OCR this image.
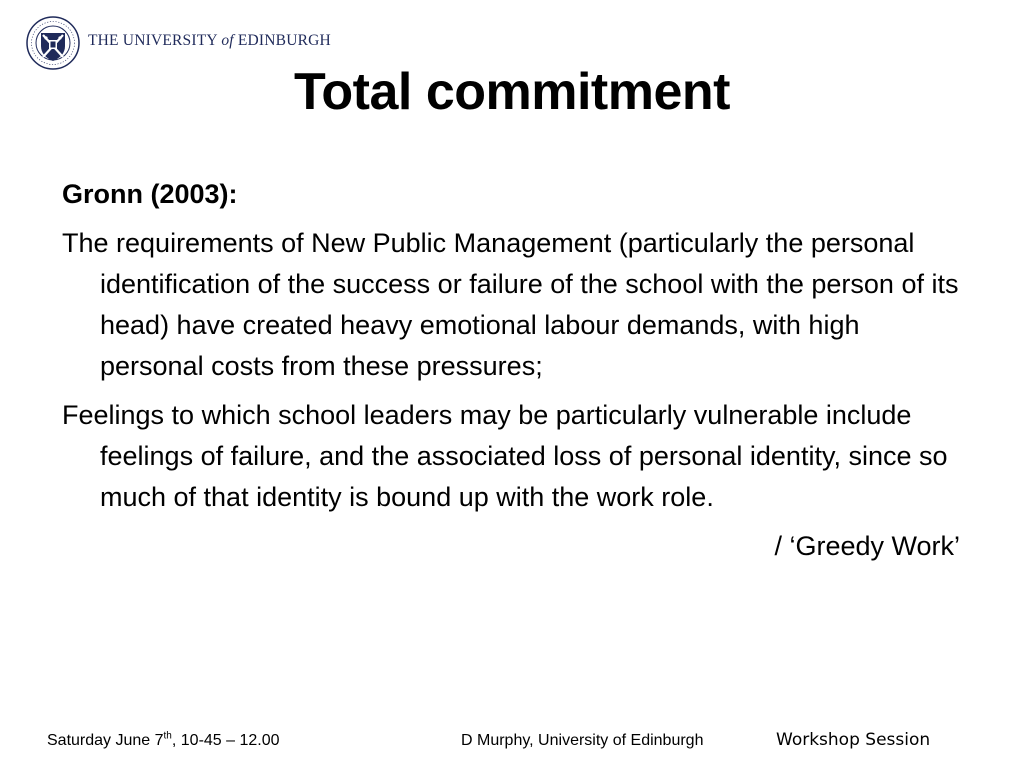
THE UNIVERSITY of EDINBURGH
Total commitment
Gronn (2003):
The requirements of New Public Management (particularly the personal identification of the success or failure of the school with the person of its head) have created heavy emotional labour demands, with high personal costs from these pressures;
Feelings to which school leaders may be particularly vulnerable include feelings of failure, and the associated loss of personal identity, since so much of that identity is bound up with the work role.
/ ‘Greedy Work’
Saturday June 7th, 10-45 – 12.00	D Murphy, University of Edinburgh	Workshop Session
